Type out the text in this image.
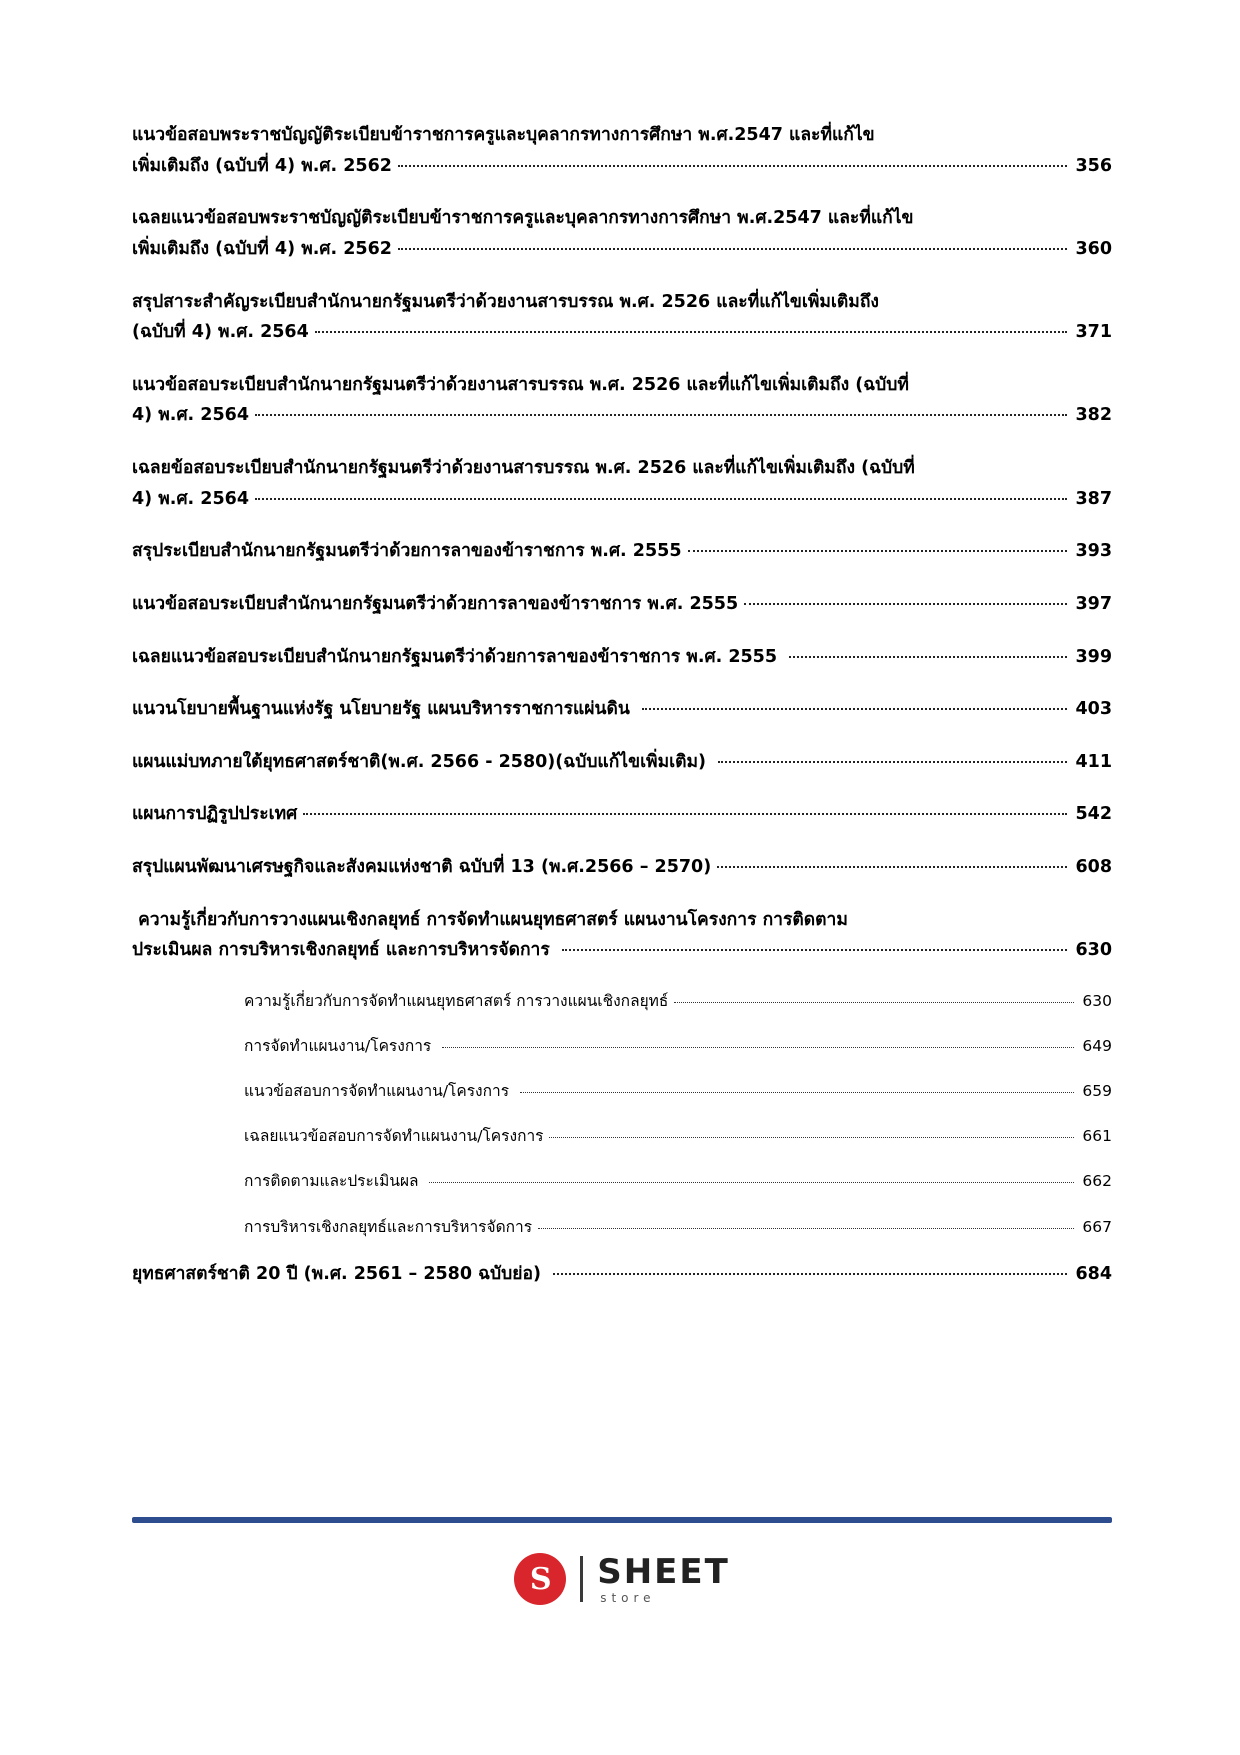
แนวข้อสอบพระราชบัญญัติระเบียบข้าราชการครูและบุคลากรทางการศึกษา พ.ศ.2547 และที่แก้ไข
เพิ่มเติมถึง (ฉบับที่ 4) พ.ศ. 2562	356
เฉลยแนวข้อสอบพระราชบัญญัติระเบียบข้าราชการครูและบุคลากรทางการศึกษา พ.ศ.2547 และที่แก้ไข
เพิ่มเติมถึง (ฉบับที่ 4) พ.ศ. 2562	360
สรุปสาระสำคัญระเบียบสำนักนายกรัฐมนตรีว่าด้วยงานสารบรรณ พ.ศ. 2526 และที่แก้ไขเพิ่มเติมถึง
(ฉบับที่ 4) พ.ศ. 2564	371
แนวข้อสอบระเบียบสำนักนายกรัฐมนตรีว่าด้วยงานสารบรรณ พ.ศ. 2526 และที่แก้ไขเพิ่มเติมถึง (ฉบับที่
4) พ.ศ. 2564	382
เฉลยข้อสอบระเบียบสำนักนายกรัฐมนตรีว่าด้วยงานสารบรรณ พ.ศ. 2526 และที่แก้ไขเพิ่มเติมถึง (ฉบับที่
4) พ.ศ. 2564	387
สรุประเบียบสำนักนายกรัฐมนตรีว่าด้วยการลาของข้าราชการ พ.ศ. 2555	393
แนวข้อสอบระเบียบสำนักนายกรัฐมนตรีว่าด้วยการลาของข้าราชการ พ.ศ. 2555	397
เฉลยแนวข้อสอบระเบียบสำนักนายกรัฐมนตรีว่าด้วยการลาของข้าราชการ พ.ศ. 2555	399
แนวนโยบายพื้นฐานแห่งรัฐ นโยบายรัฐ แผนบริหารราชการแผ่นดิน	403
แผนแม่บทภายใต้ยุทธศาสตร์ชาติ(พ.ศ. 2566 - 2580)(ฉบับแก้ไขเพิ่มเติม)	411
แผนการปฏิรูปประเทศ	542
สรุปแผนพัฒนาเศรษฐกิจและสังคมแห่งชาติ ฉบับที่ 13 (พ.ศ.2566 – 2570)	608
ความรู้เกี่ยวกับการวางแผนเชิงกลยุทธ์ การจัดทำแผนยุทธศาสตร์ แผนงานโครงการ การติดตาม
ประเมินผล การบริหารเชิงกลยุทธ์ และการบริหารจัดการ	630
ความรู้เกี่ยวกับการจัดทำแผนยุทธศาสตร์ การวางแผนเชิงกลยุทธ์	630
การจัดทำแผนงาน/โครงการ	649
แนวข้อสอบการจัดทำแผนงาน/โครงการ	659
เฉลยแนวข้อสอบการจัดทำแผนงาน/โครงการ	661
การติดตามและประเมินผล	662
การบริหารเชิงกลยุทธ์และการบริหารจัดการ	667
ยุทธศาสตร์ชาติ 20 ปี (พ.ศ. 2561 – 2580 ฉบับย่อ)	684
S	SHEET
store
